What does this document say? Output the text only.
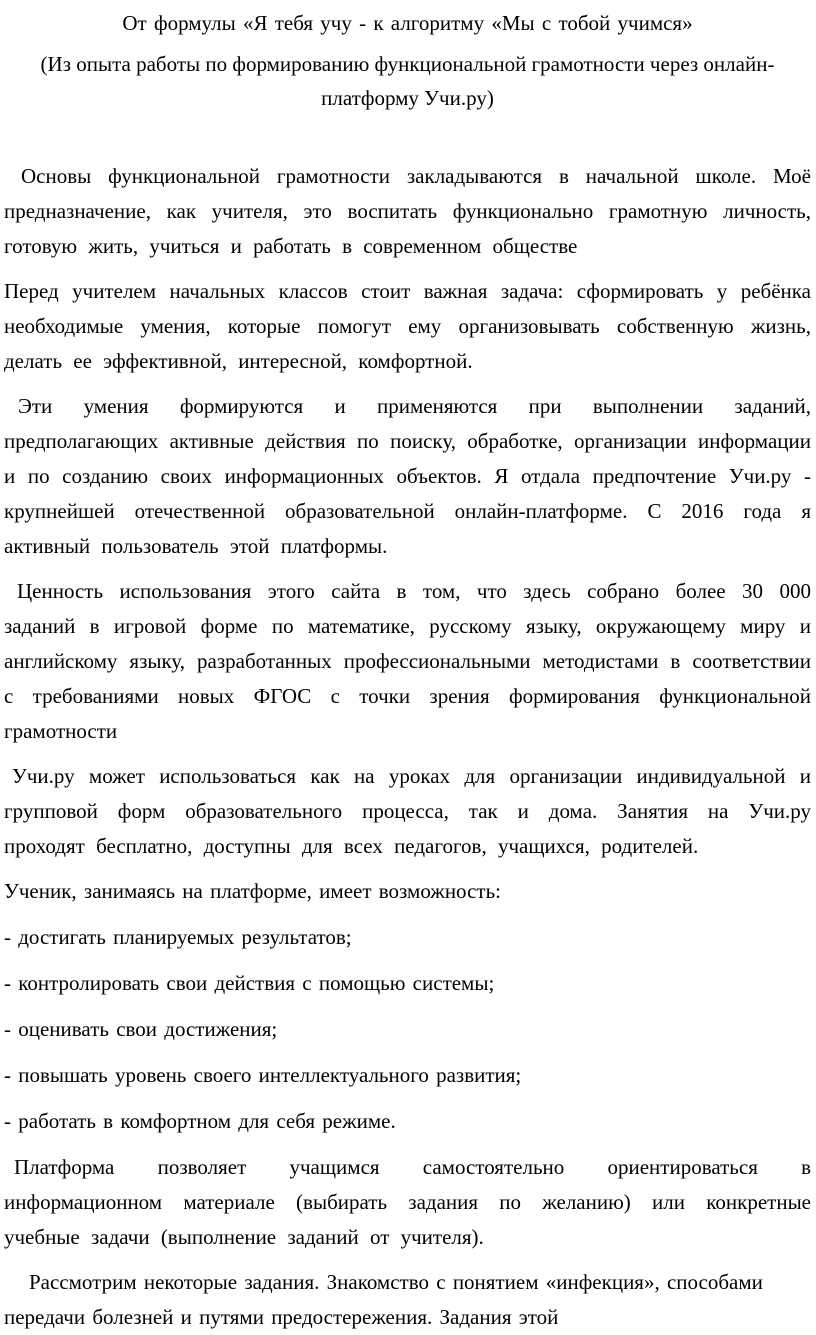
От формулы «Я тебя учу - к алгоритму «Мы с тобой учимся»

(Из опыта работы по формированию функциональной грамотности через онлайн-платформу Учи.ру)

Основы функциональной грамотности закладываются в начальной школе. Моё предназначение, как учителя, это воспитать функционально грамотную личность, готовую жить, учиться и работать в современном обществе

Перед учителем начальных классов стоит важная задача: сформировать у ребёнка необходимые умения, которые помогут ему организовывать собственную жизнь, делать ее эффективной, интересной, комфортной.

Эти умения формируются и применяются при выполнении заданий, предполагающих активные действия по поиску, обработке, организации информации и по созданию своих информационных объектов. Я отдала предпочтение Учи.ру - крупнейшей отечественной образовательной онлайн-платформе. С 2016 года я активный пользователь этой платформы.

Ценность использования этого сайта в том, что здесь собрано более 30 000 заданий в игровой форме по математике, русскому языку, окружающему миру и английскому языку, разработанных профессиональными методистами в соответствии с требованиями новых ФГОС с точки зрения формирования функциональной грамотности

Учи.ру может использоваться как на уроках для организации индивидуальной и групповой форм образовательного процесса, так и дома. Занятия на Учи.ру проходят бесплатно, доступны для всех педагогов, учащихся, родителей.

Ученик, занимаясь на платформе, имеет возможность:

- достигать планируемых результатов;

- контролировать свои действия с помощью системы;

- оценивать свои достижения;

- повышать уровень своего интеллектуального развития;

- работать в комфортном для себя режиме.

Платформа позволяет учащимся самостоятельно ориентироваться в информационном материале (выбирать задания по желанию) или конкретные учебные задачи (выполнение заданий от учителя).

Рассмотрим некоторые задания. Знакомство с понятием «инфекция», способами передачи болезней и путями предостережения. Задания этой
